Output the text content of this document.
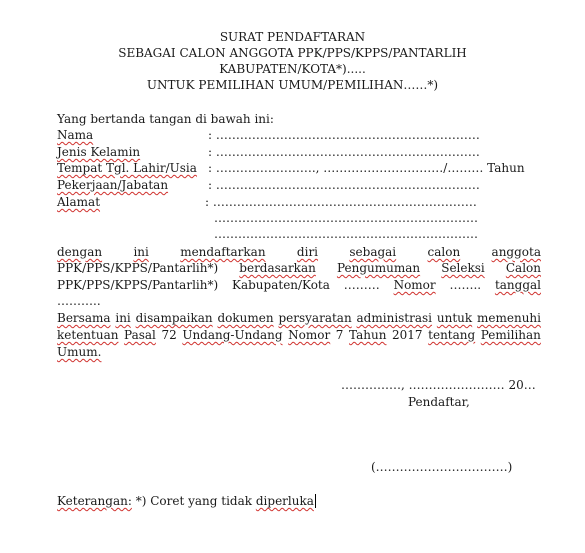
SURAT PENDAFTARAN
SEBAGAI CALON ANGGOTA PPK/PPS/KPPS/PANTARLIH
KABUPATEN/KOTA*).....
UNTUK PEMILIHAN UMUM/PEMILIHAN……*)
Yang bertanda tangan di bawah ini:
Nama	: …………………………………………………………
Jenis Kelamin	: …………………………………………………………
Tempat Tgl. Lahir/Usia : ……………………., …………………………/……… Tahun
Pekerjaan/Jabatan	: …………………………………………………………
Alamat	: …………………………………………………………
…………………………………………………………
…………………………………………………………
dengan	ini	mendaftarkan	diri	sebagai	calon	anggota
PPK/PPS/KPPS/Pantarlih*) berdasarkan Pengumuman Seleksi Calon
PPK/PPS/KPPS/Pantarlih*) Kabupaten/Kota ……… Nomor …….. tanggal
………..
Bersama ini disampaikan dokumen persyaratan administrasi untuk memenuhi
ketentuan Pasal 72 Undang-Undang Nomor 7 Tahun 2017 tentang Pemilihan
Umum.
……………, …………………… 20…
Pendaftar,
(……………………………)
Keterangan: *) Coret yang tidak diperluka
